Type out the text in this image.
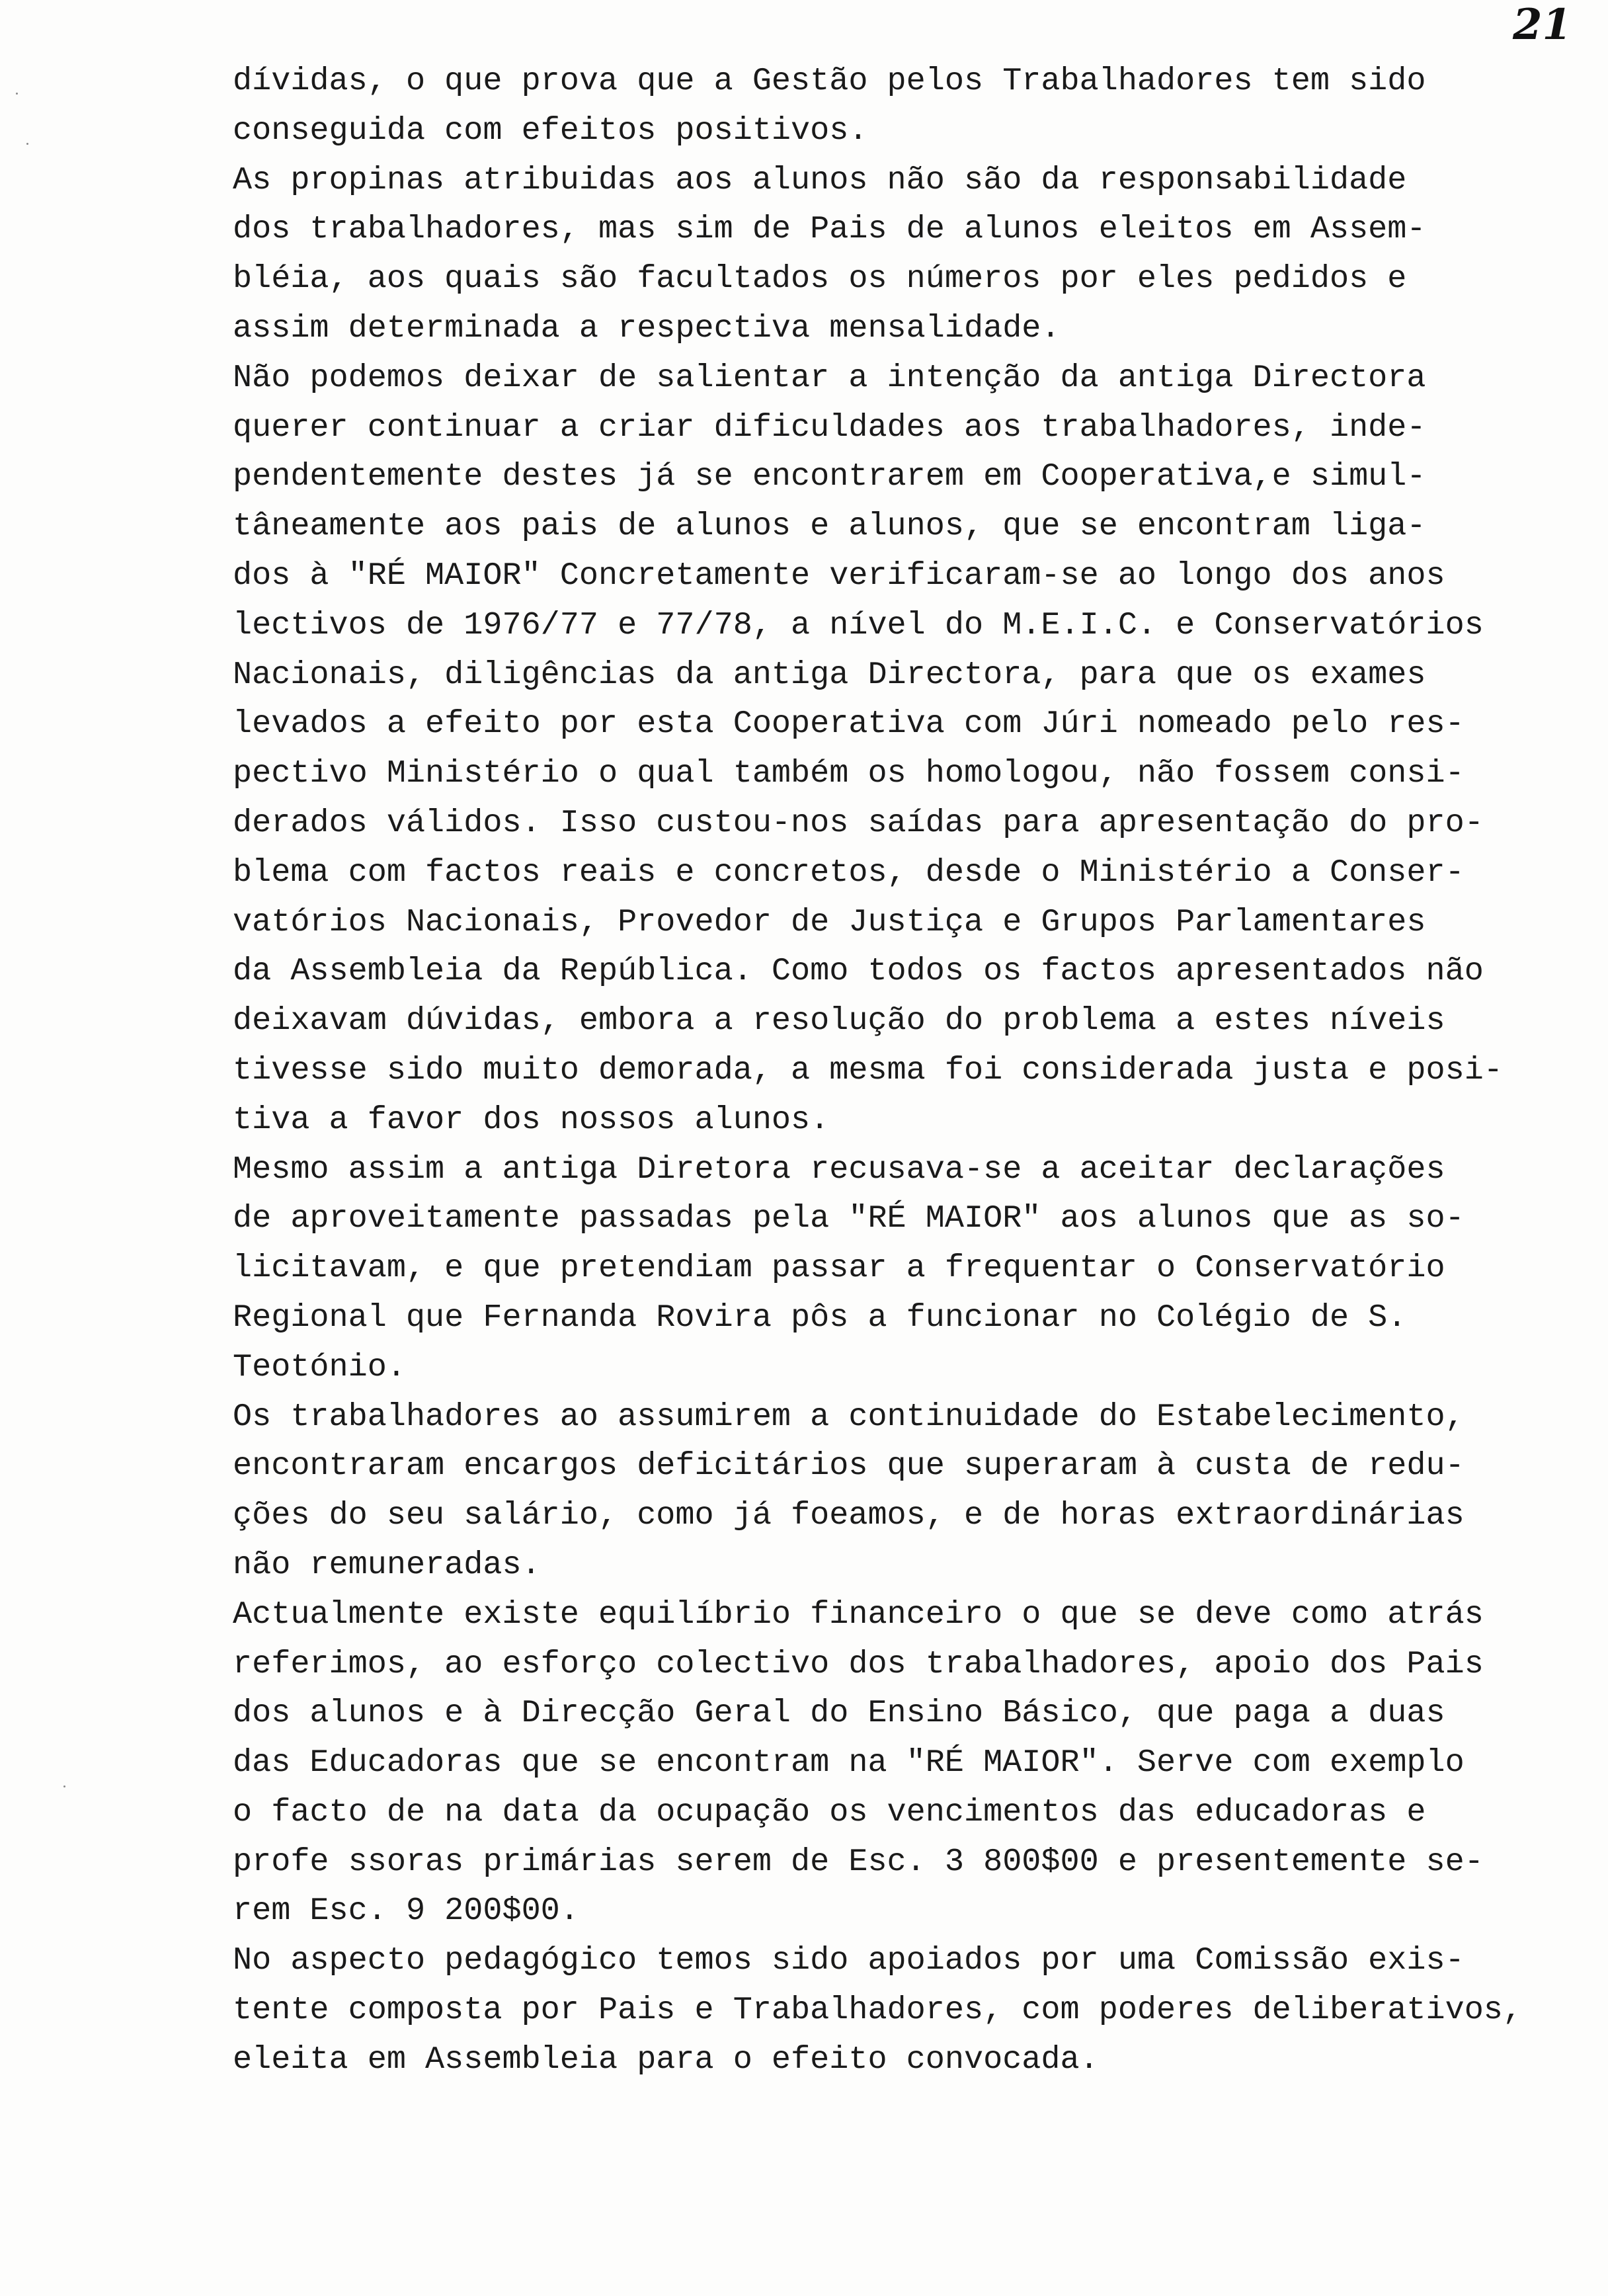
21
dívidas, o que prova que a Gestão pelos Trabalhadores tem sido
conseguida com efeitos positivos.
As propinas atribuidas aos alunos não são da responsabilidade
dos trabalhadores, mas sim de Pais de alunos eleitos em Assem-
bléia, aos quais são facultados os números por eles pedidos e
assim determinada a respectiva mensalidade.
Não podemos deixar de salientar a intenção da antiga Directora
querer continuar a criar dificuldades aos trabalhadores, inde-
pendentemente destes já se encontrarem em Cooperativa,e simul-
tâneamente aos pais de alunos e alunos, que se encontram liga-
dos à "RÉ MAIOR" Concretamente verificaram-se ao longo dos anos
lectivos de 1976/77 e 77/78, a nível do M.E.I.C. e Conservatórios
Nacionais, diligências da antiga Directora, para que os exames
levados a efeito por esta Cooperativa com Júri nomeado pelo res-
pectivo Ministério o qual também os homologou, não fossem consi-
derados válidos. Isso custou-nos saídas para apresentação do pro-
blema com factos reais e concretos, desde o Ministério a Conser-
vatórios Nacionais, Provedor de Justiça e Grupos Parlamentares
da Assembleia da República. Como todos os factos apresentados não
deixavam dúvidas, embora a resolução do problema a estes níveis
tivesse sido muito demorada, a mesma foi considerada justa e posi-
tiva a favor dos nossos alunos.
Mesmo assim a antiga Diretora recusava-se a aceitar declarações
de aproveitamente passadas pela "RÉ MAIOR" aos alunos que as so-
licitavam, e que pretendiam passar a frequentar o Conservatório
Regional que Fernanda Rovira pôs a funcionar no Colégio de S.
Teotónio.
Os trabalhadores ao assumirem a continuidade do Estabelecimento,
encontraram encargos deficitários que superaram à custa de redu-
ções do seu salário, como já foeamos, e de horas extraordinárias
não remuneradas.
Actualmente existe equilíbrio financeiro o que se deve como atrás
referimos, ao esforço colectivo dos trabalhadores, apoio dos Pais
dos alunos e à Direcção Geral do Ensino Básico, que paga a duas
das Educadoras que se encontram na "RÉ MAIOR". Serve com exemplo
o facto de na data da ocupação os vencimentos das educadoras e
profe ssoras primárias serem de Esc. 3 800$00 e presentemente se-
rem Esc. 9 200$00.
No aspecto pedagógico temos sido apoiados por uma Comissão exis-
tente composta por Pais e Trabalhadores, com poderes deliberativos,
eleita em Assembleia para o efeito convocada.
